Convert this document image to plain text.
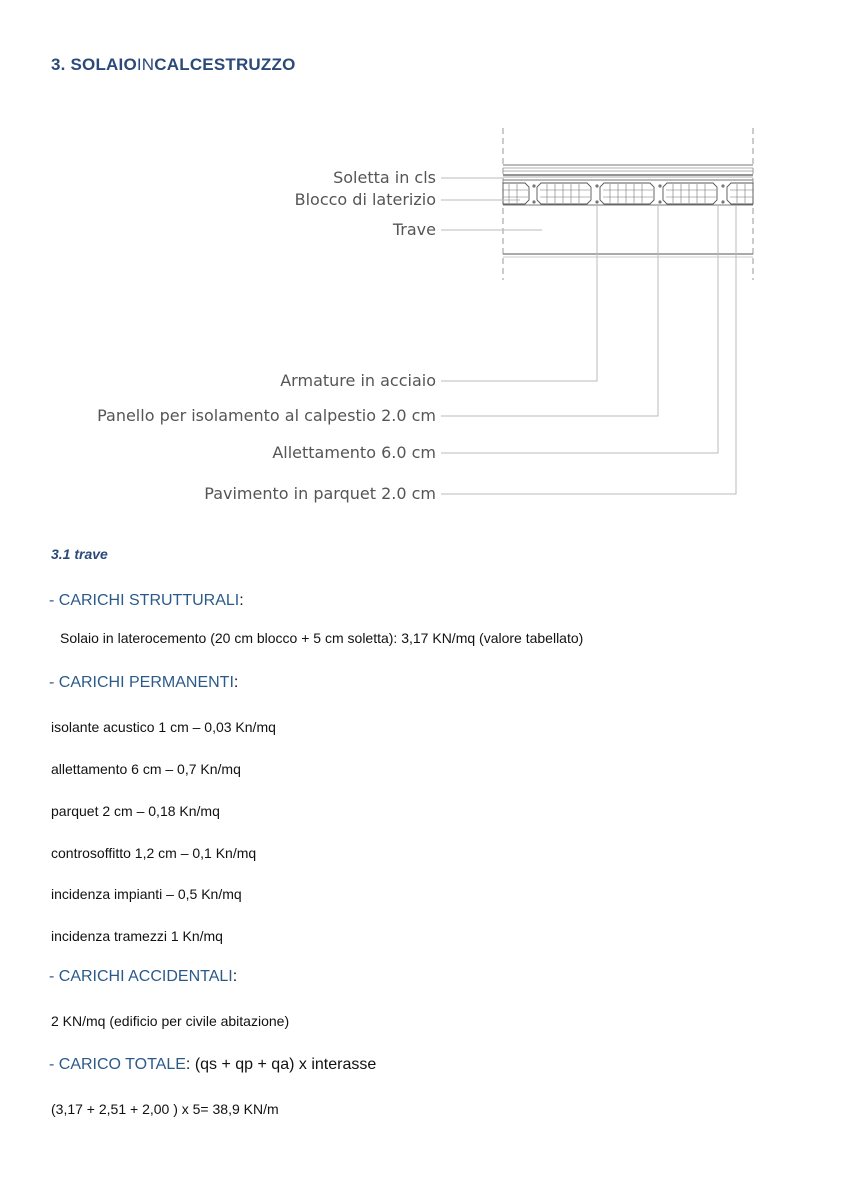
3. SOLAIOINCALCESTRUZZO
Soletta in cls
Blocco di laterizio
Trave
Armature in acciaio
Panello per isolamento al calpestio 2.0 cm
Allettamento 6.0 cm
Pavimento in parquet 2.0 cm
3.1 trave
- CARICHI STRUTTURALI:
Solaio in laterocemento (20 cm blocco + 5 cm soletta): 3,17 KN/mq (valore tabellato)
- CARICHI PERMANENTI:
isolante acustico 1 cm – 0,03 Kn/mq
allettamento 6 cm – 0,7 Kn/mq
parquet 2 cm – 0,18 Kn/mq
controsoffitto 1,2 cm – 0,1 Kn/mq
incidenza impianti – 0,5 Kn/mq
incidenza tramezzi 1 Kn/mq
- CARICHI ACCIDENTALI:
2 KN/mq (edificio per civile abitazione)
- CARICO TOTALE: (qs + qp + qa) x interasse
(3,17 + 2,51 + 2,00 ) x 5= 38,9 KN/m
